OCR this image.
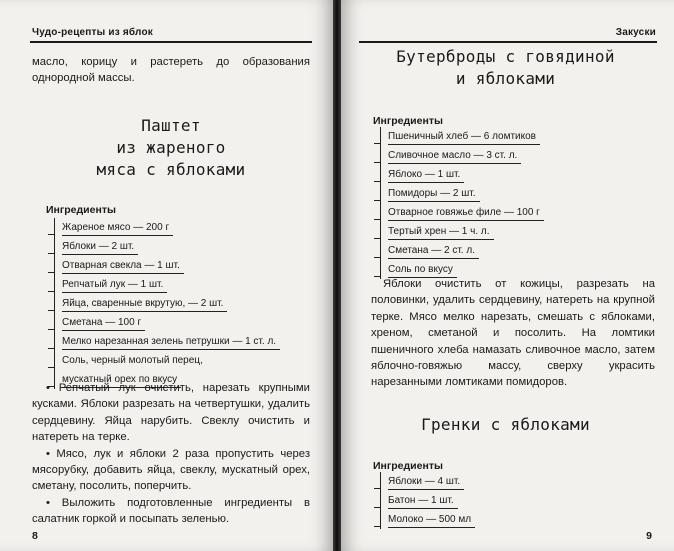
Чудо-рецепты из яблок
масло, корицу и растереть до образования однородной массы.
Паштет
из жареного
мяса с яблоками
Ингредиенты
Жареное мясо — 200 г
Яблоки — 2 шт.
Отварная свекла — 1 шт.
Репчатый лук — 1 шт.
Яйца, сваренные вкрутую, — 2 шт.
Сметана — 100 г
Мелко нарезанная зелень петрушки — 1 ст. л.
Соль, черный молотый перец,
мускатный орех по вкусу

• Репчатый лук очистить, нарезать крупными кусками. Яблоки разрезать на четвертушки, удалить сердцевину. Яйца нарубить. Свеклу очистить и натереть на терке.

• Мясо, лук и яблоки 2 раза пропустить через мясорубку, добавить яйца, свеклу, мускатный орех, сметану, посолить, поперчить.

• Выложить подготовленные ингредиенты в салатник горкой и посыпать зеленью.

8
Закуски
Бутерброды с говядиной
и яблоками
Ингредиенты
Пшеничный хлеб — 6 ломтиков
Сливочное масло — 3 ст. л.
Яблоко — 1 шт.
Помидоры — 2 шт.
Отварное говяжье филе — 100 г
Тертый хрен — 1 ч. л.
Сметана — 2 ст. л.
Соль по вкусу

Яблоки очистить от кожицы, разрезать на половинки, удалить сердцевину, натереть на крупной терке. Мясо мелко нарезать, смешать с яблоками, хреном, сметаной и посолить. На ломтики пшеничного хлеба намазать сливочное масло, затем яблочно-говяжью массу, сверху украсить нарезанными ломтиками помидоров.

Гренки с яблоками
Ингредиенты
Яблоки — 4 шт.
Батон — 1 шт.
Молоко — 500 мл
9
